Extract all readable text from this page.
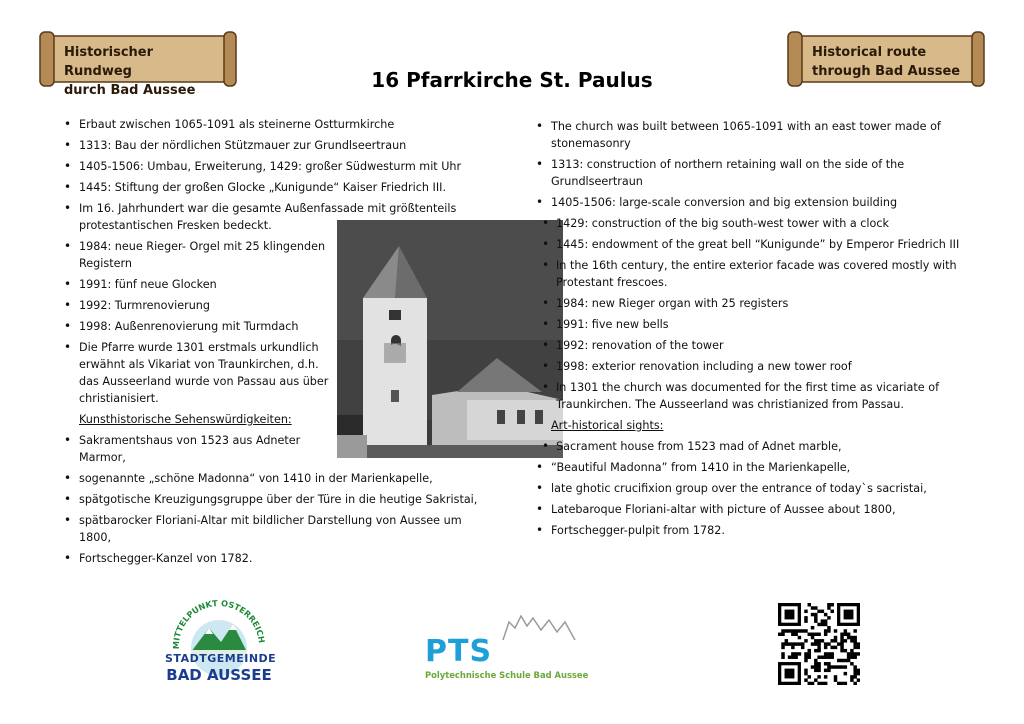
Historischer Rundweg
durch Bad Aussee
Historical route
through Bad Aussee
16 Pfarrkirche St. Paulus
• Erbaut zwischen 1065-1091 als steinerne Ostturmkirche
• 1313: Bau der nördlichen Stützmauer zur Grundlseertraun
• 1405-1506: Umbau, Erweiterung, 1429: großer Südwesturm mit Uhr
• 1445: Stiftung der großen Glocke „Kunigunde“ Kaiser Friedrich III.
• Im 16. Jahrhundert war die gesamte Außenfassade mit größtenteils protestantischen Fresken bedeckt.
• 1984: neue Rieger- Orgel mit 25 klingenden Registern
• 1991: fünf neue Glocken
• 1992: Turmrenovierung
• 1998: Außenrenovierung mit Turmdach
• Die Pfarre wurde 1301 erstmals urkundlich erwähnt als Vikariat von Traunkirchen, d.h. das Ausseerland wurde von Passau aus über christianisiert.
Kunsthistorische Sehenswürdigkeiten:
• Sakramentshaus von 1523 aus Adneter Marmor,
• sogenannte „schöne Madonna“ von 1410 in der Marienkapelle,
• spätgotische Kreuzigungsgruppe über der Türe in die heutige Sakristai,
• spätbarocker Floriani-Altar mit bildlicher Darstellung von Aussee um 1800,
• Fortschegger-Kanzel von 1782.
• The church was built between 1065-1091 with an east tower made of stonemasonry
• 1313: construction of northern retaining wall on the side of the Grundlseertraun
• 1405-1506: large-scale conversion and big extension building
• 1429: construction of the big south-west tower with a clock
• 1445: endowment of the great bell “Kunigunde” by Emperor Friedrich III
• In the 16th century, the entire exterior facade was covered mostly with Protestant frescoes.
• 1984: new Rieger organ with 25 registers
• 1991: five new bells
• 1992: renovation of the tower
• 1998: exterior renovation including a new tower roof
• In 1301 the church was documented for the first time as vicariate of Traunkirchen. The Ausseerland was christianized from Passau.
Art-historical sights:
• Sacrament house from 1523 mad of Adnet marble,
• “Beautiful Madonna” from 1410 in the Marienkapelle,
• late ghotic crucifixion group over the entrance of today`s sacristai,
• Latebaroque Floriani-altar with picture of Aussee about 1800,
• Fortschegger-pulpit from 1782.
MITTELPUNKT ÖSTERREICH
STADTGEMEINDE
BAD AUSSEE
PTS
Polytechnische Schule Bad Aussee
